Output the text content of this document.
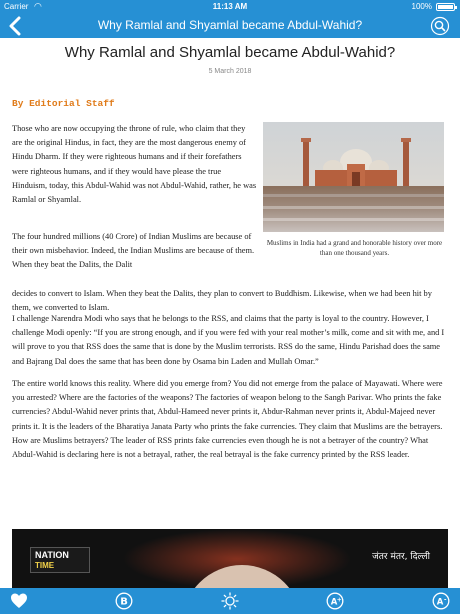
Carrier ◠	11:13 AM	100%
Why Ramlal and Shyamlal became Abdul-Wahid?
Why Ramlal and Shyamlal became Abdul-Wahid?
5 March 2018
By Editorial Staff
Muslims in India had a grand and honorable history over more than one thousand years.

Those who are now occupying the throne of rule, who claim that they are the original Hindus, in fact, they are the most dangerous enemy of Hindu Dharm. If they were righteous humans and if their forefathers were righteous humans, and if they would have please the true Hinduism, today, this Abdul-Wahid was not Abdul-Wahid, rather, he was Ramlal or Shyamlal.

The four hundred millions (40 Crore) of Indian Muslims are because of their own misbehavior. Indeed, the Indian Muslims are because of them. When they beat the Dalits, the Dalit

decides to convert to Islam. When they beat the Dalits, they plan to convert to Buddhism. Likewise, when we had been hit by them, we converted to Islam.

I challenge Narendra Modi who says that he belongs to the RSS, and claims that the party is loyal to the country. However, I challenge Modi openly: “If you are strong enough, and if you were fed with your real mother’s milk, come and sit with me, and I will prove to you that RSS does the same that is done by the Muslim terrorists. RSS do the same, Hindu Parishad does the same and Bajrang Dal does the same that has been done by Osama bin Laden and Mullah Omar.”

The entire world knows this reality. Where did you emerge from? You did not emerge from the palace of Mayawati. Where were you arrested? Where are the factories of the weapons? The factories of weapon belong to the Sangh Parivar. Who prints the fake currencies? Abdul-Wahid never prints that, Abdul-Hameed never prints it, Abdur-Rahman never prints it, Abdul-Majeed never prints it. It is the leaders of the Bharatiya Janata Party who prints the fake currencies. They claim that Muslims are the betrayers. How are Muslims betrayers? The leader of RSS prints fake currencies even though he is not a betrayer of the country? What Abdul-Wahid is declaring here is not a betrayal, rather, the real betrayal is the fake currency printed by the RSS leader.

NATION
TIME
जंतर मंतर, दिल्ली
B	A +	A -
